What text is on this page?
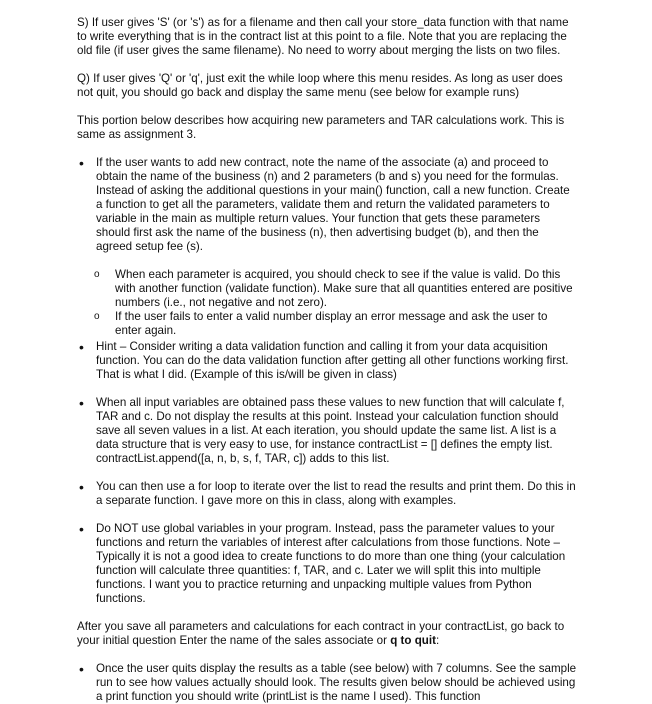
S) If user gives 'S' (or 's') as for a filename and then call your store_data function with that name to write everything that is in the contract list at this point to a file. Note that you are replacing the old file (if user gives the same filename). No need to worry about merging the lists on two files.

Q) If user gives 'Q' or 'q', just exit the while loop where this menu resides. As long as user does not quit, you should go back and display the same menu (see below for example runs)

This portion below describes how acquiring new parameters and TAR calculations work. This is same as assignment 3.

• If the user wants to add new contract, note the name of the associate (a) and proceed to obtain the name of the business (n) and 2 parameters (b and s) you need for the formulas. Instead of asking the additional questions in your main() function, call a new function. Create a function to get all the parameters, validate them and return the validated parameters to variable in the main as multiple return values. Your function that gets these parameters should first ask the name of the business (n), then advertising budget (b), and then the agreed setup fee (s).
o When each parameter is acquired, you should check to see if the value is valid. Do this with another function (validate function). Make sure that all quantities entered are positive numbers (i.e., not negative and not zero).
o If the user fails to enter a valid number display an error message and ask the user to enter again.
• Hint – Consider writing a data validation function and calling it from your data acquisition function. You can do the data validation function after getting all other functions working first. That is what I did. (Example of this is/will be given in class)
• When all input variables are obtained pass these values to new function that will calculate f, TAR and c. Do not display the results at this point. Instead your calculation function should save all seven values in a list. At each iteration, you should update the same list. A list is a data structure that is very easy to use, for instance contractList = [] defines the empty list. contractList.append([a, n, b, s, f, TAR, c]) adds to this list.
• You can then use a for loop to iterate over the list to read the results and print them. Do this in a separate function. I gave more on this in class, along with examples.
• Do NOT use global variables in your program. Instead, pass the parameter values to your functions and return the variables of interest after calculations from those functions. Note – Typically it is not a good idea to create functions to do more than one thing (your calculation function will calculate three quantities: f, TAR, and c. Later we will split this into multiple functions. I want you to practice returning and unpacking multiple values from Python functions.

After you save all parameters and calculations for each contract in your contractList, go back to your initial question Enter the name of the sales associate or q to quit:

• Once the user quits display the results as a table (see below) with 7 columns. See the sample run to see how values actually should look. The results given below should be achieved using a print function you should write (printList is the name I used). This function
